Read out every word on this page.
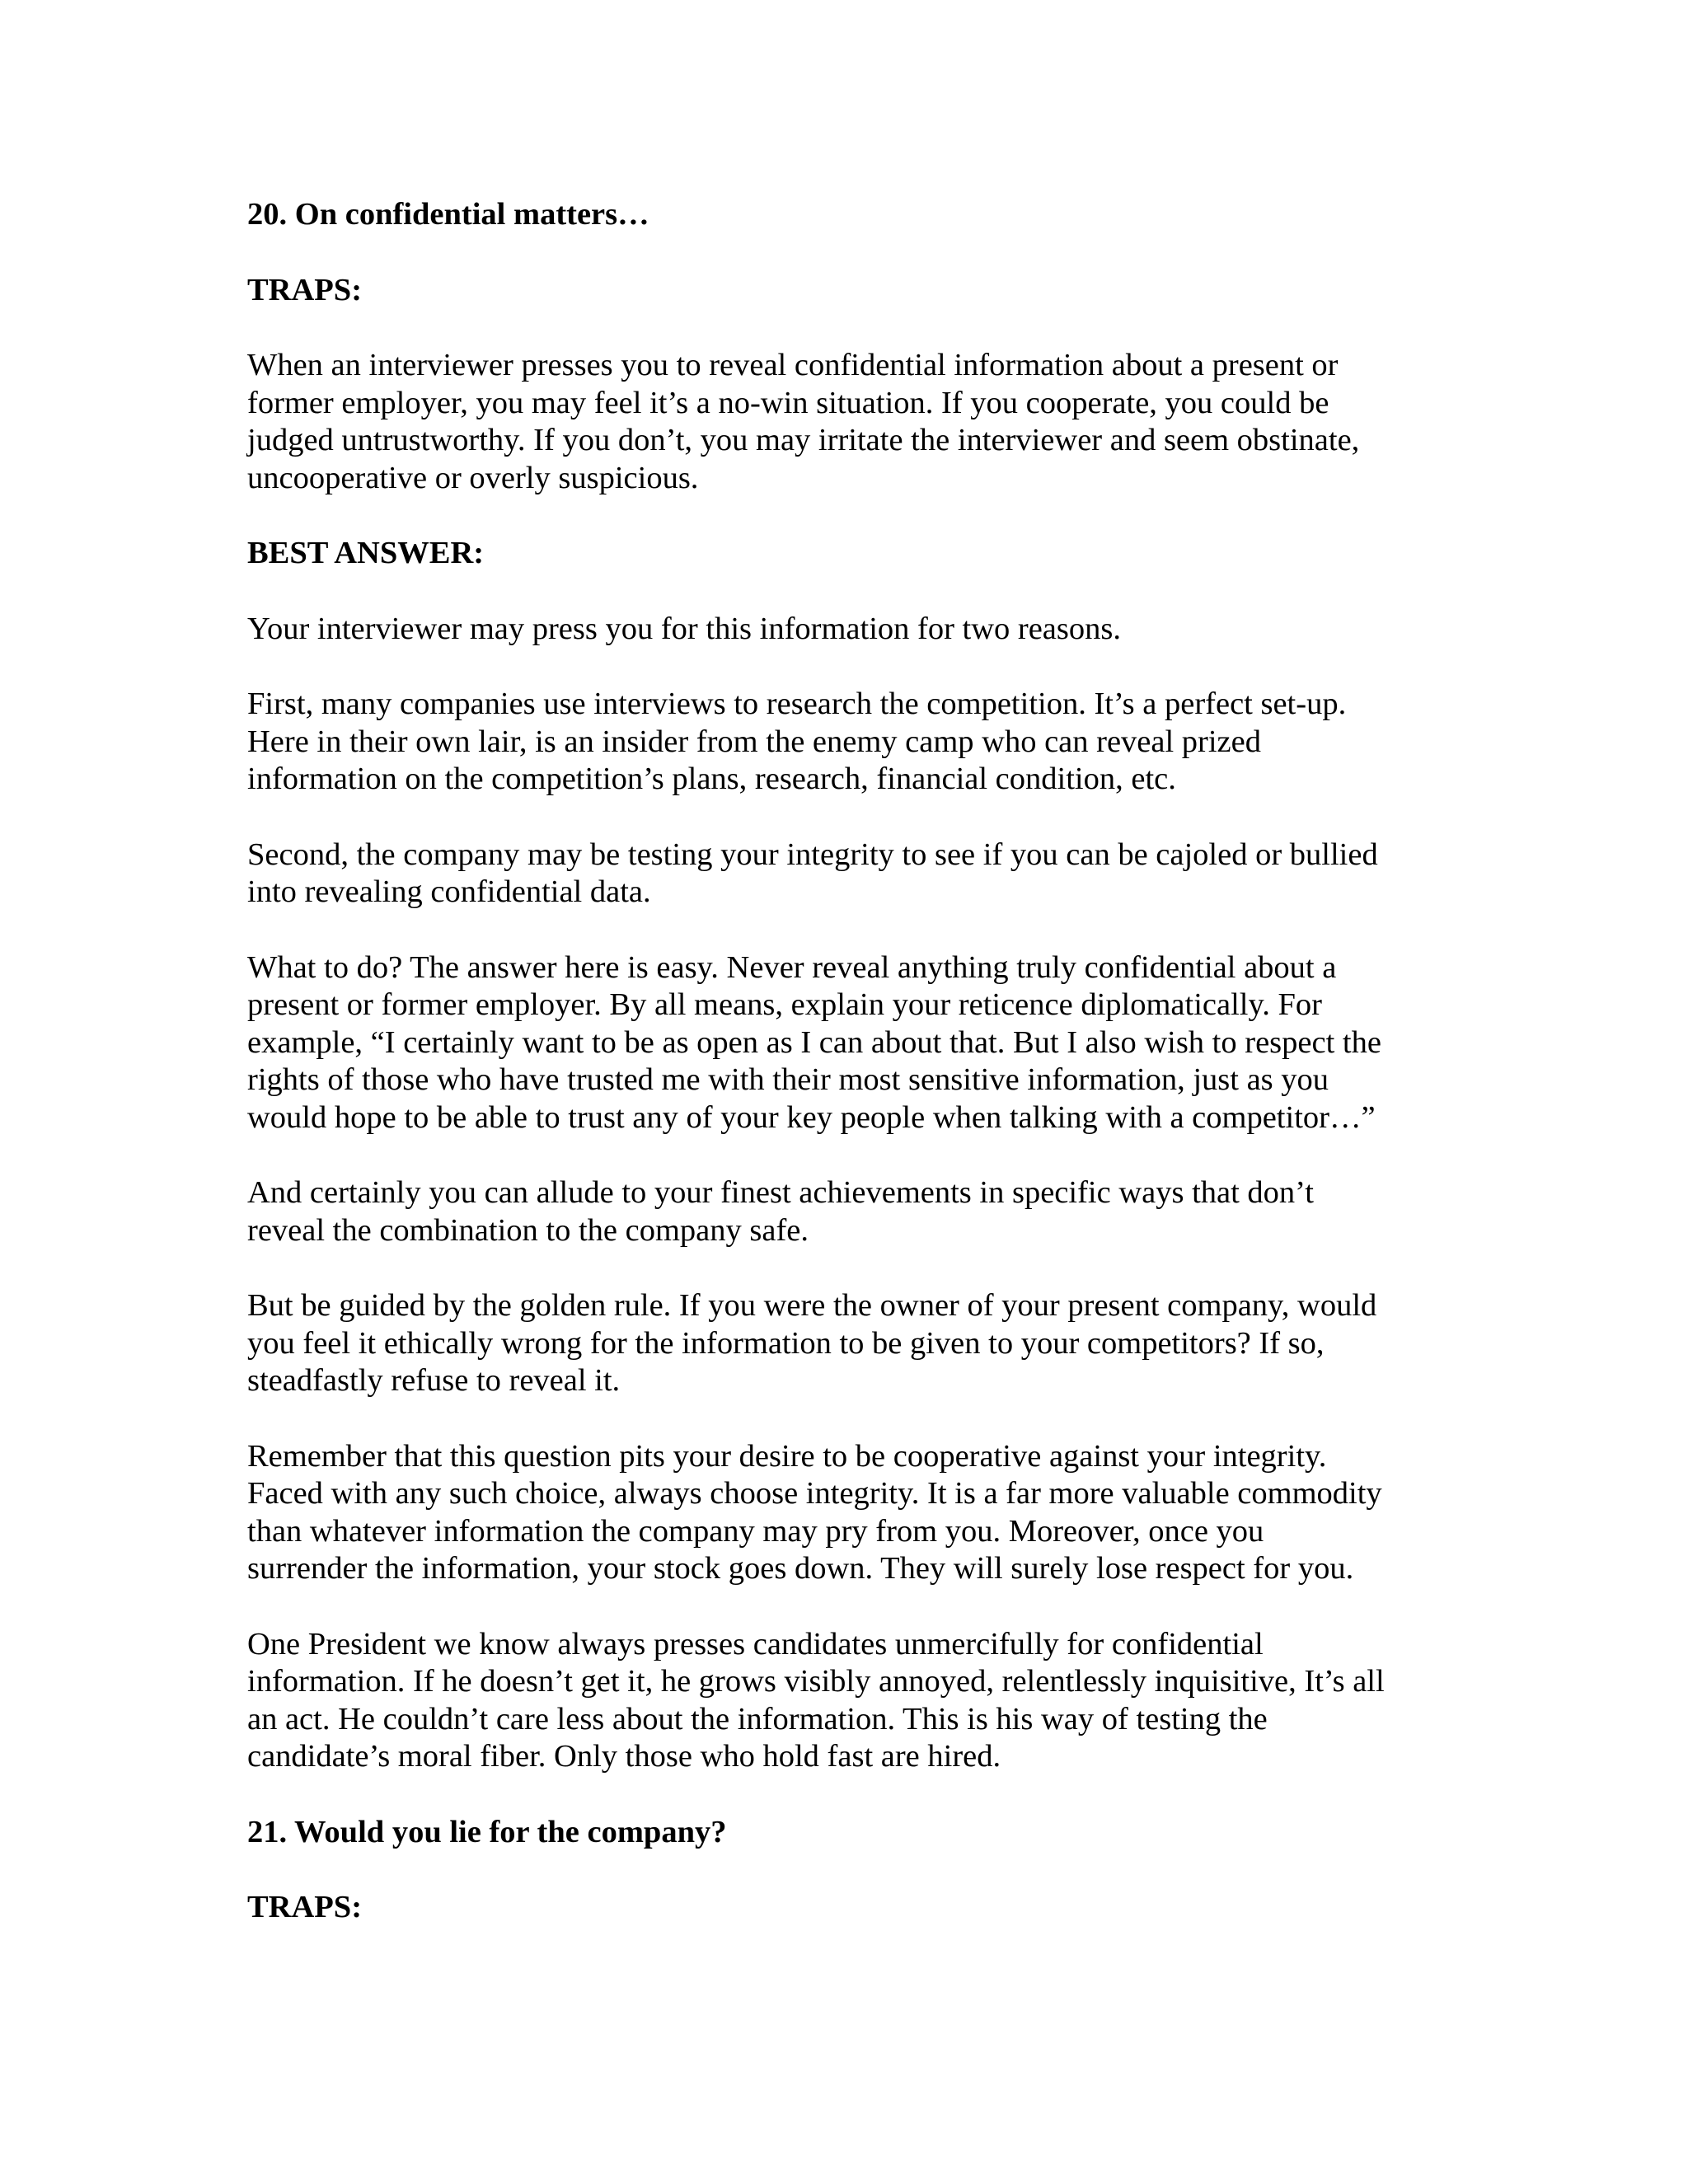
20. On confidential matters…

TRAPS:

When an interviewer presses you to reveal confidential information about a present or
former employer, you may feel it’s a no-win situation. If you cooperate, you could be
judged untrustworthy. If you don’t, you may irritate the interviewer and seem obstinate,
uncooperative or overly suspicious.

BEST ANSWER:

Your interviewer may press you for this information for two reasons.

First, many companies use interviews to research the competition. It’s a perfect set-up.
Here in their own lair, is an insider from the enemy camp who can reveal prized
information on the competition’s plans, research, financial condition, etc.

Second, the company may be testing your integrity to see if you can be cajoled or bullied
into revealing confidential data.

What to do? The answer here is easy. Never reveal anything truly confidential about a
present or former employer. By all means, explain your reticence diplomatically. For
example, “I certainly want to be as open as I can about that. But I also wish to respect the
rights of those who have trusted me with their most sensitive information, just as you
would hope to be able to trust any of your key people when talking with a competitor…”

And certainly you can allude to your finest achievements in specific ways that don’t
reveal the combination to the company safe.

But be guided by the golden rule. If you were the owner of your present company, would
you feel it ethically wrong for the information to be given to your competitors? If so,
steadfastly refuse to reveal it.

Remember that this question pits your desire to be cooperative against your integrity.
Faced with any such choice, always choose integrity. It is a far more valuable commodity
than whatever information the company may pry from you. Moreover, once you
surrender the information, your stock goes down. They will surely lose respect for you.

One President we know always presses candidates unmercifully for confidential
information. If he doesn’t get it, he grows visibly annoyed, relentlessly inquisitive, It’s all
an act. He couldn’t care less about the information. This is his way of testing the
candidate’s moral fiber. Only those who hold fast are hired.

21. Would you lie for the company?

TRAPS:
